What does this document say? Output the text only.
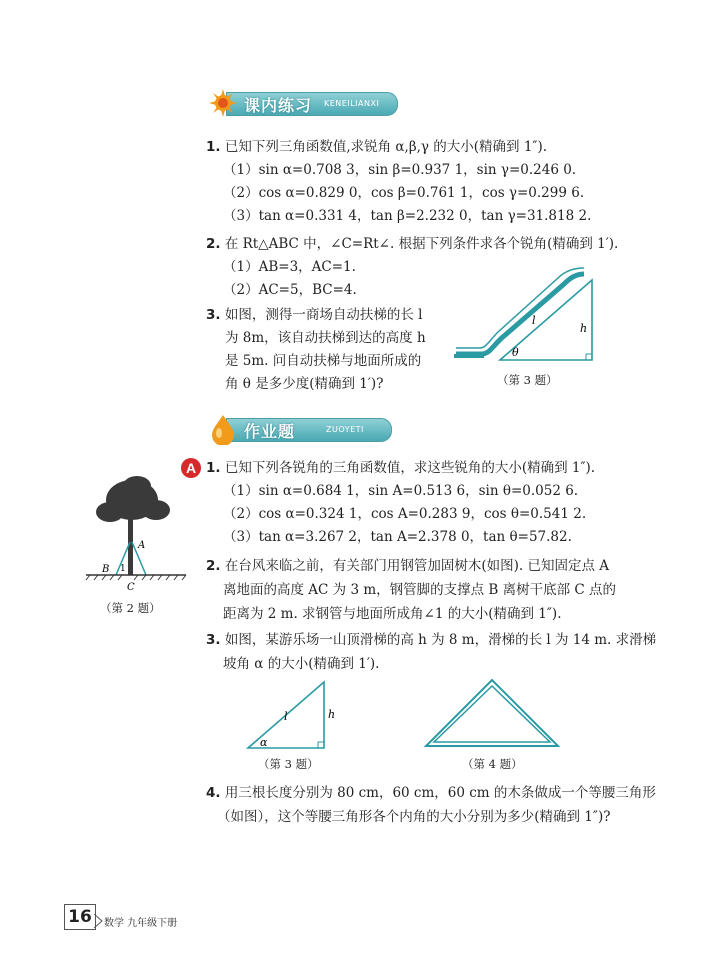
课内练习 KENEILIANXI
1. 已知下列三角函数值,求锐角 α,β,γ 的大小(精确到 1″).
（1）sin α=0.708 3，sin β=0.937 1，sin γ=0.246 0.
（2）cos α=0.829 0，cos β=0.761 1，cos γ=0.299 6.
（3）tan α=0.331 4，tan β=2.232 0，tan γ=31.818 2.
2. 在 Rt△ABC 中，∠C=Rt∠. 根据下列条件求各个锐角(精确到 1′).
（1）AB=3，AC=1.
（2）AC=5，BC=4.
3. 如图，测得一商场自动扶梯的长 l
为 8m，该自动扶梯到达的高度 h
是 5m. 问自动扶梯与地面所成的
角 θ 是多少度(精确到 1′)?
l
h
θ
（第 3 题）
作业题	ZUOYETI
A 1. 已知下列各锐角的三角函数值，求这些锐角的大小(精确到 1″).
（1）sin α=0.684 1，sin A=0.513 6，sin θ=0.052 6.
（2）cos α=0.324 1，cos A=0.283 9，cos θ=0.541 2.
（3）tan α=3.267 2，tan A=2.378 0，tan θ=57.82.
2. 在台风来临之前，有关部门用钢管加固树木(如图). 已知固定点 A
离地面的高度 AC 为 3 m，钢管脚的支撑点 B 离树干底部 C 点的
距离为 2 m. 求钢管与地面所成角∠1 的大小(精确到 1″).
3. 如图，某游乐场一山顶滑梯的高 h 为 8 m，滑梯的长 l 为 14 m. 求滑梯
坡角 α 的大小(精确到 1′).
A
B 1
C
（第 2 题）
l	h
α
（第 3 题）	（第 4 题）
4. 用三根长度分别为 80 cm，60 cm，60 cm 的木条做成一个等腰三角形
（如图），这个等腰三角形各个内角的大小分别为多少(精确到 1″)?
16	数学 九年级下册
